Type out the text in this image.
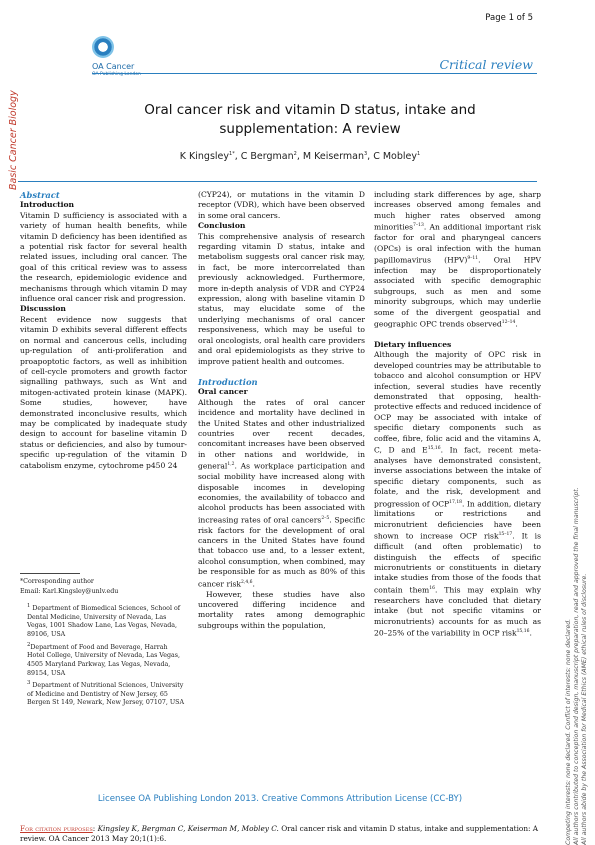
Page 1 of 5
OA Cancer
OA Publishing London
Basic Cancer Biology
Critical review
Oral cancer risk and vitamin D status, intake and supplementation: A review
K Kingsley$^{1*}$, C Bergman$^2$, M Keiserman$^3$, C Mobley$^1$

Abstract

Introduction

Vitamin D sufficiency is associated with a variety of human health benefits, while vitamin D deficiency has been identified as a potential risk factor for several health related issues, including oral cancer. The goal of this critical review was to assess the research, epidemiologic evidence and mechanisms through which vitamin D may influence oral cancer risk and progression.

Discussion

Recent evidence now suggests that vitamin D exhibits several different effects on normal and cancerous cells, including up-regulation of anti-proliferation and proapoptotic factors, as well as inhibition of cell-cycle promoters and growth factor signalling pathways, such as Wnt and mitogen-activated protein kinase (MAPK). Some studies, however, have demonstrated inconclusive results, which may be complicated by inadequate study design to account for baseline vitamin D status or deficiencies, and also by tumour-specific up-regulation of the vitamin D catabolism enzyme, cytochrome p450 24

*Corresponding author

Email: Karl.Kingsley@unlv.edu

$^1$ Department of Biomedical Sciences, School of Dental Medicine, University of Nevada, Las Vegas, 1001 Shadow Lane, Las Vegas, Nevada, 89106, USA

$^2$Department of Food and Beverage, Harrah Hotel College, University of Nevada, Las Vegas, 4505 Maryland Parkway, Las Vegas, Nevada, 89154, USA

$^3$ Department of Nutritional Sciences, University of Medicine and Dentistry of New Jersey, 65 Bergen St 149, Newark, New Jersey, 07107, USA

(CYP24), or mutations in the vitamin D receptor (VDR), which have been observed in some oral cancers.

Conclusion

This comprehensive analysis of research regarding vitamin D status, intake and metabolism suggests oral cancer risk may, in fact, be more intercorrelated than previously acknowledged. Furthermore, more in-depth analysis of VDR and CYP24 expression, along with baseline vitamin D status, may elucidate some of the underlying mechanisms of oral cancer responsiveness, which may be useful to oral oncologists, oral health care providers and oral epidemiologists as they strive to improve patient health and outcomes.

Introduction

Oral cancer

Although the rates of oral cancer incidence and mortality have declined in the United States and other industrialized countries over recent decades, concomitant increases have been observed in other nations and worldwide, in general$^{1,2}$. As workplace participation and social mobility have increased along with disposable incomes in developing economies, the availability of tobacco and alcohol products has been associated with increasing rates of oral cancers$^{2-5}$. Specific risk factors for the development of oral cancers in the United States have found that tobacco use and, to a lesser extent, alcohol consumption, when combined, may be responsible for as much as 80% of this cancer risk$^{2,4,6}$.

However, these studies have also uncovered differing incidence and mortality rates among demographic subgroups within the population,

including stark differences by age, sharp increases observed among females and much higher rates observed among minorities$^{7-13}$. An additional important risk factor for oral and pharyngeal cancers (OPCs) is oral infection with the human papillomavirus (HPV)$^{9-11}$. Oral HPV infection may be disproportionately associated with specific demographic subgroups, such as men and some minority subgroups, which may underlie some of the divergent geospatial and geographic OPC trends observed$^{12-14}$.

Dietary influences

Although the majority of OPC risk in developed countries may be attributable to tobacco and alcohol consumption or HPV infection, several studies have recently demonstrated that opposing, health-protective effects and reduced incidence of OCP may be associated with intake of specific dietary components such as coffee, fibre, folic acid and the vitamins A, C, D and E$^{15,16}$. In fact, recent meta-analyses have demonstrated consistent, inverse associations between the intake of specific dietary components, such as folate, and the risk, development and progression of OCP$^{17,18}$. In addition, dietary limitations or restrictions and micronutrient deficiencies have been shown to increase OCP risk$^{15-17}$. It is difficult (and often problematic) to distinguish the effects of specific micronutrients or constituents in dietary intake studies from those of the foods that contain them$^{16}$. This may explain why researchers have concluded that dietary intake (but not specific vitamins or micronutrients) accounts for as much as 20–25% of the variability in OCP risk$^{15,16}$.

Licensee OA Publishing London 2013. Creative Commons Attribution License (CC-BY)
For citation purposes: Kingsley K, Bergman C, Keiserman M, Mobley C. Oral cancer risk and vitamin D status, intake and supplementation: A review. OA Cancer 2013 May 20;1(1):6.	Competing interests: none declared. Conflict of interests: none declared. All authors contributed to conception and design, manuscript preparation, read and approved the final manuscript. All authors abide by the Association for Medical Ethics (AME) ethical rules of disclosure.
